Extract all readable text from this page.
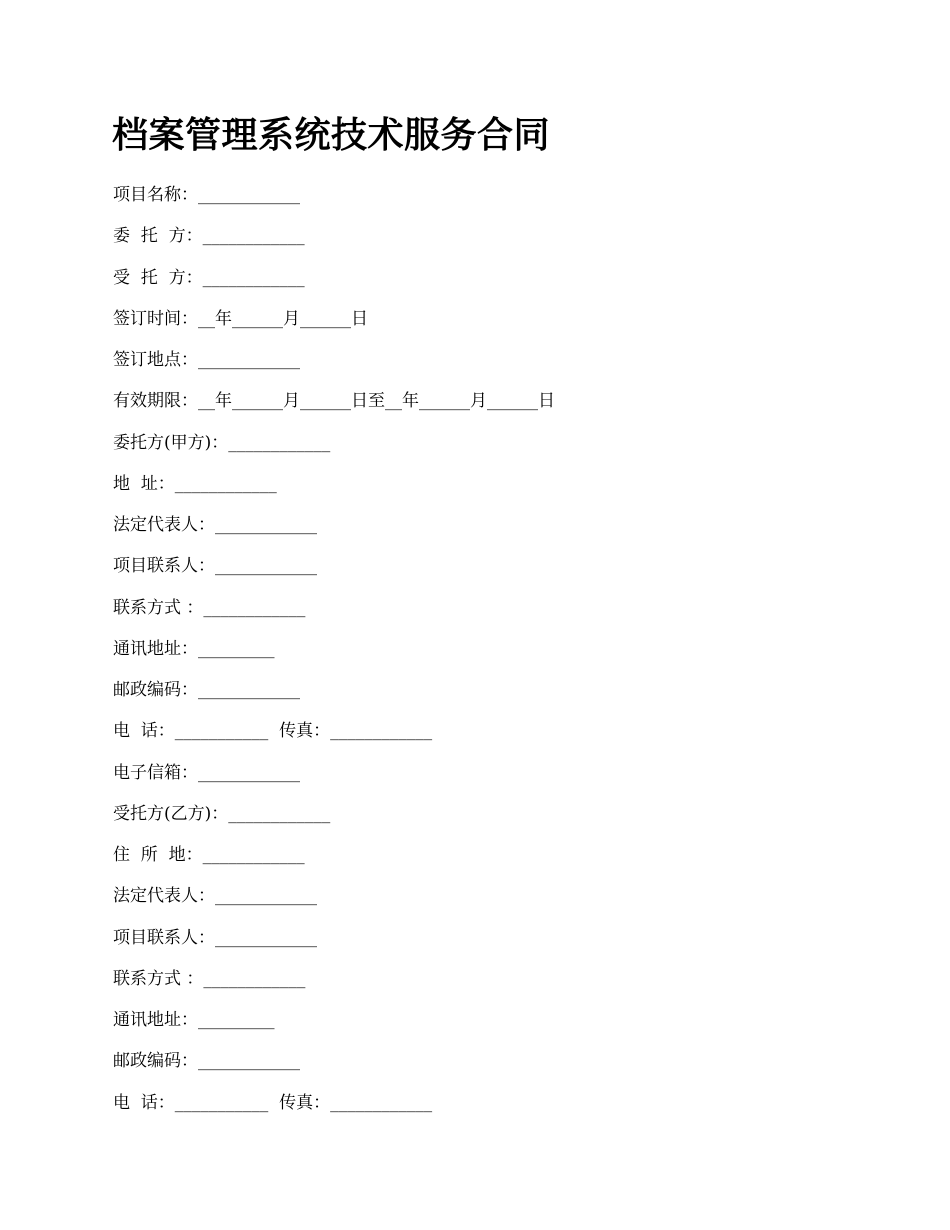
档案管理系统技术服务合同
项目名称：____________
委  托  方：____________
受  托  方：____________
签订时间：__年______月______日
签订地点：____________
有效期限：__年______月______日至__年______月______日
委托方(甲方)：____________
地  址：____________
法定代表人：____________
项目联系人：____________
联系方式 ：____________
通讯地址：_________
邮政编码：____________
电  话：___________  传真：____________
电子信箱：____________
受托方(乙方)：____________
住  所  地：____________
法定代表人：____________
项目联系人：____________
联系方式 ：____________
通讯地址：_________
邮政编码：____________
电  话：___________  传真：____________
